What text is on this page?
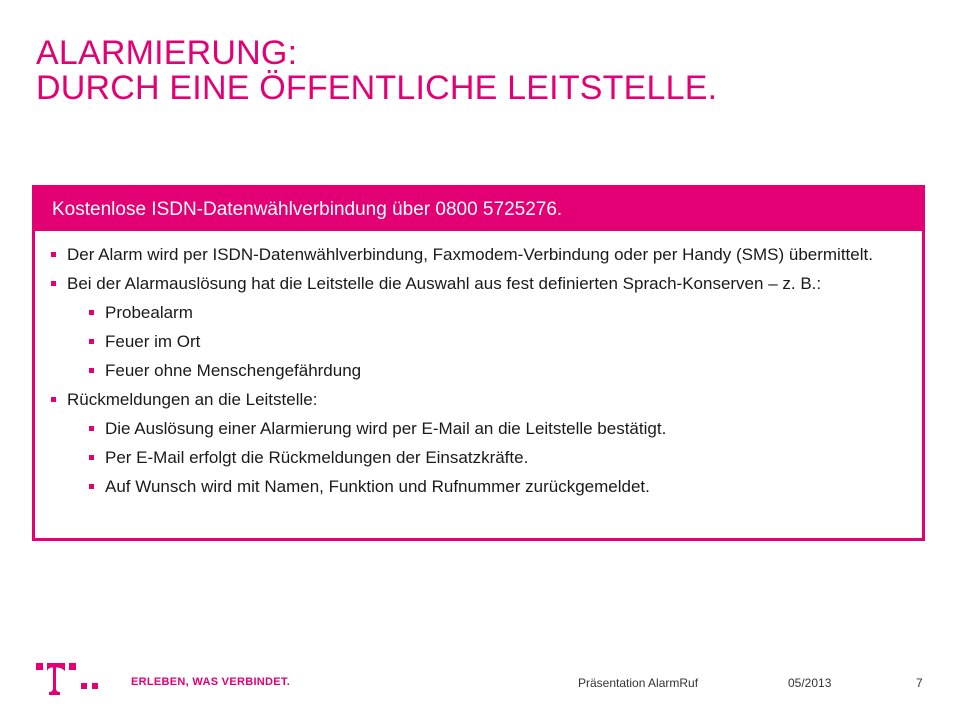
ALARMIERUNG:
DURCH EINE ÖFFENTLICHE LEITSTELLE.
Kostenlose ISDN-Datenwählverbindung über 0800 5725276.
Der Alarm wird per ISDN-Datenwählverbindung, Faxmodem-Verbindung oder per Handy (SMS) übermittelt.
Bei der Alarmauslösung hat die Leitstelle die Auswahl aus fest definierten Sprach-Konserven – z. B.:
Probealarm
Feuer im Ort
Feuer ohne Menschengefährdung
Rückmeldungen an die Leitstelle:
Die Auslösung einer Alarmierung wird per E-Mail an die Leitstelle bestätigt.
Per E-Mail erfolgt die Rückmeldungen der Einsatzkräfte.
Auf Wunsch wird mit Namen, Funktion und Rufnummer zurückgemeldet.
ERLEBEN, WAS VERBINDET.	Präsentation AlarmRuf	05/2013	7
